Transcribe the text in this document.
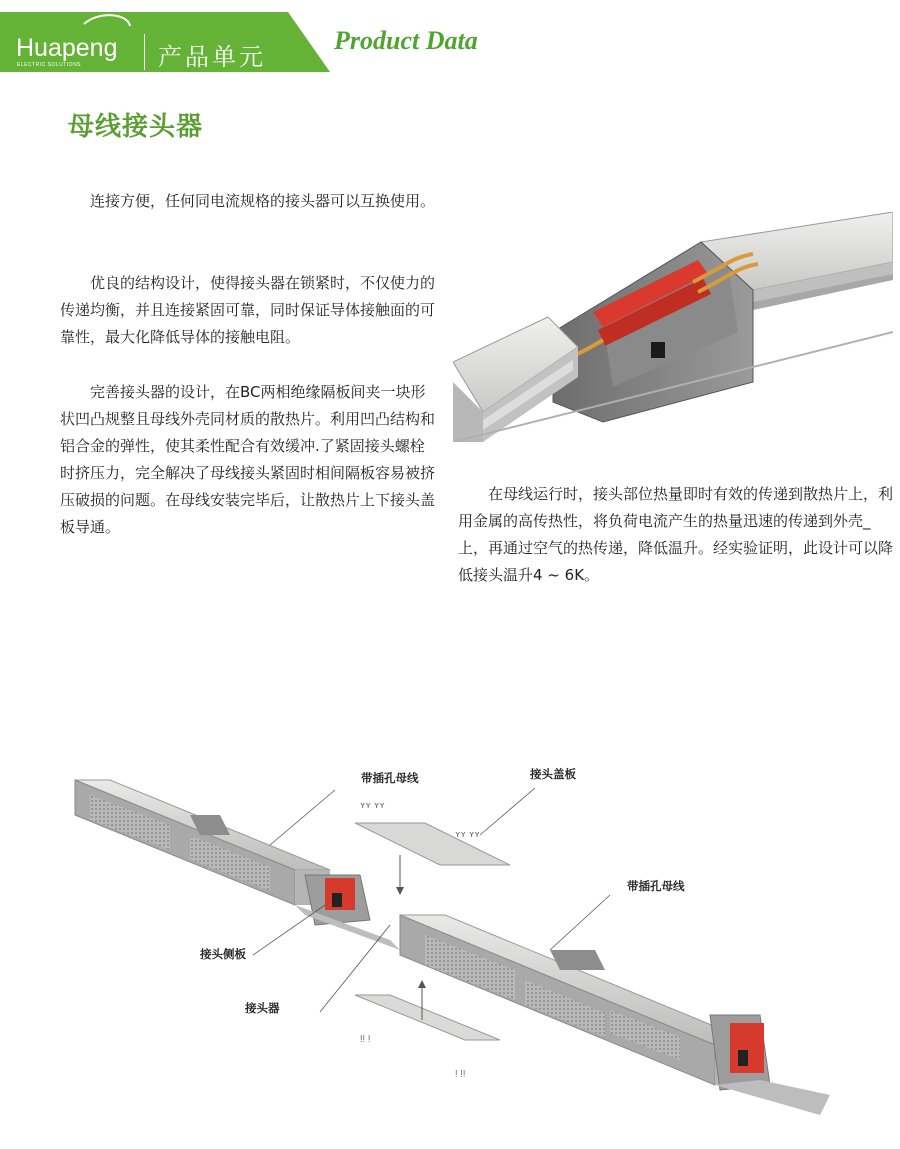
Huapeng
ELECTRIC SOLUTIONS	产品单元
Product Data
母线接头器

连接方便，任何同电流规格的接头器可以互换使用。

优良的结构设计，使得接头器在锁紧时，不仅使力的传递均衡，并且连接紧固可靠，同时保证导体接触面的可靠性，最大化降低导体的接触电阻。

完善接头器的设计，在BC两相绝缘隔板间夹一块形状凹凸规整且母线外壳同材质的散热片。利用凹凸结构和铝合金的弹性，使其柔性配合有效缓冲.了紧固接头螺栓时挤压力，完全解决了母线接头紧固时相间隔板容易被挤压破损的问题。在母线安装完毕后，让散热片上下接头盖板导通。

在母线运行时，接头部位热量即时有效的传递到散热片上，利用金属的高传热性，将负荷电流产生的热量迅速的传递到外壳_上，再通过空气的热传递，降低温升。经实验证明，此设计可以降低接头温升4 ~ 6K。

ʏʏ ʏʏ
ʏʏ ʏʏ
ᴉᴉ ᴉ
ᴉ ᴉᴉ
带插孔母线	接头盖板
带插孔母线
接头侧板
接头器
